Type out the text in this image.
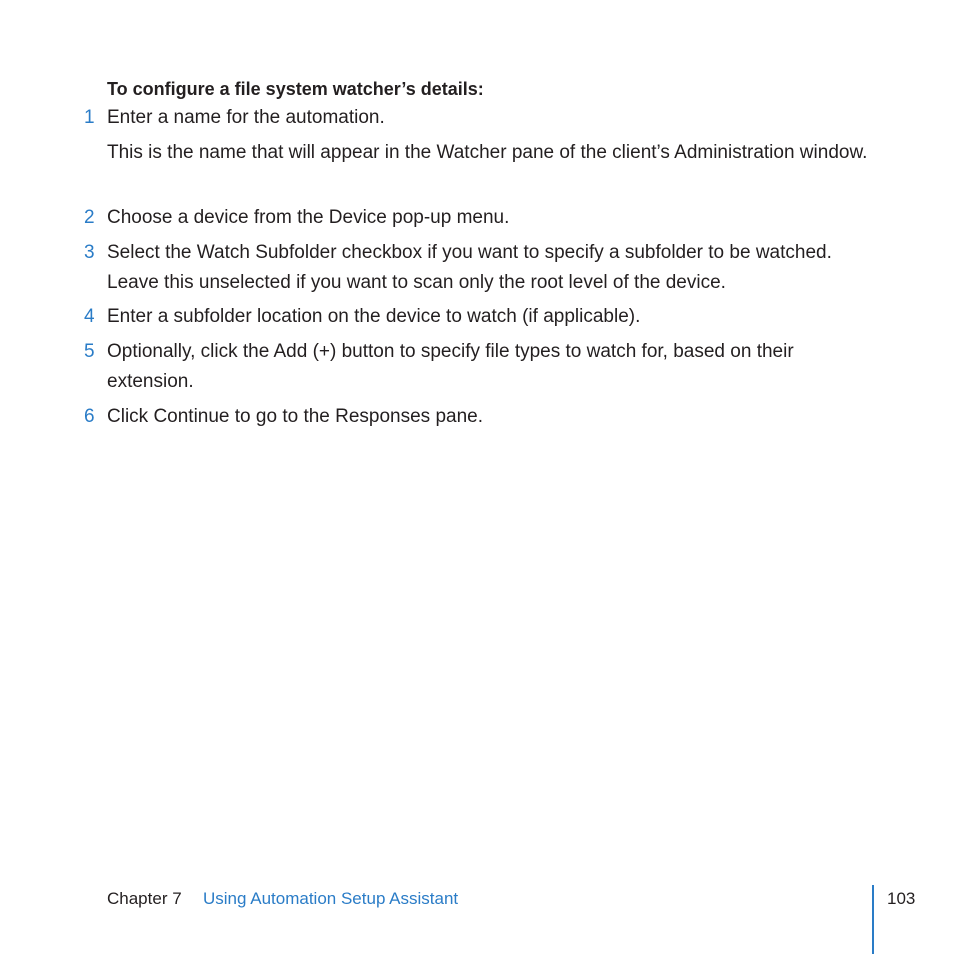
To configure a file system watcher’s details:
1 Enter a name for the automation.
This is the name that will appear in the Watcher pane of the client’s Administration window.
2 Choose a device from the Device pop-up menu.
3 Select the Watch Subfolder checkbox if you want to specify a subfolder to be watched. Leave this unselected if you want to scan only the root level of the device.
4 Enter a subfolder location on the device to watch (if applicable).
5 Optionally, click the Add (+) button to specify file types to watch for, based on their extension.
6 Click Continue to go to the Responses pane.
Chapter 7 Using Automation Setup Assistant	103
